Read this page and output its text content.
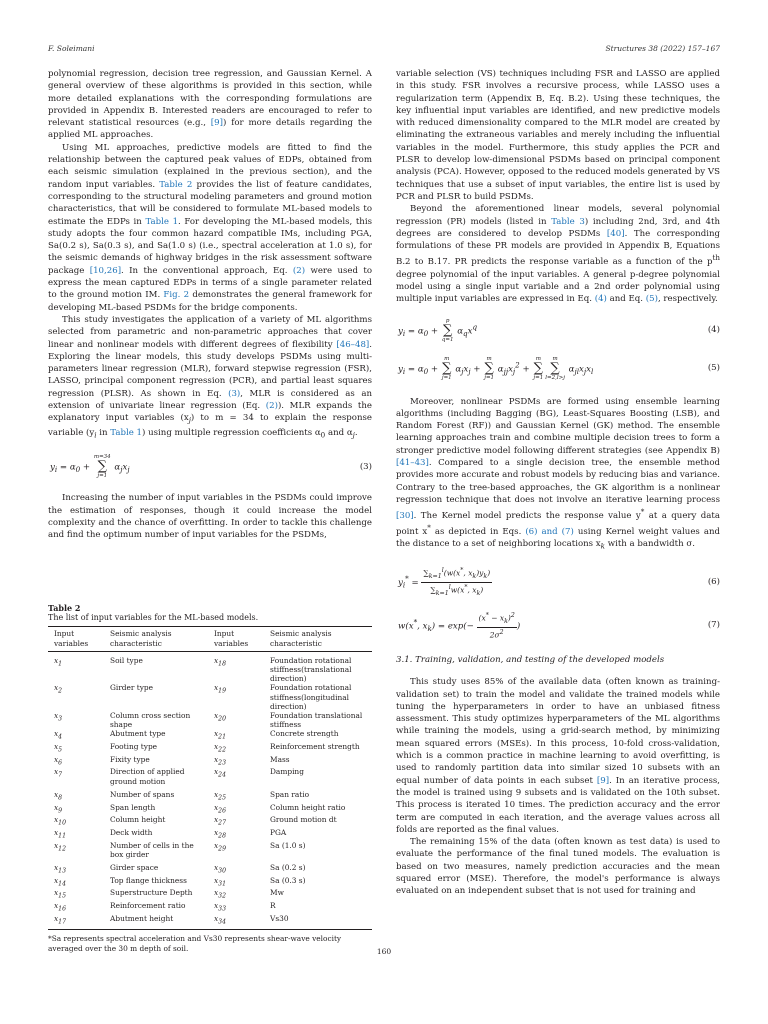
F. Soleimani	Structures 38 (2022) 157–167

polynomial regression, decision tree regression, and Gaussian Kernel. A general overview of these algorithms is provided in this section, while more detailed explanations with the corresponding formulations are provided in Appendix B. Interested readers are encouraged to refer to relevant statistical resources (e.g., [9]) for more details regarding the applied ML approaches.

Using ML approaches, predictive models are fitted to find the relationship between the captured peak values of EDPs, obtained from each seismic simulation (explained in the previous section), and the random input variables. Table 2 provides the list of feature candidates, corresponding to the structural modeling parameters and ground motion characteristics, that will be considered to formulate ML-based models to estimate the EDPs in Table 1. For developing the ML-based models, this study adopts the four common hazard compatible IMs, including PGA, Sa(0.2 s), Sa(0.3 s), and Sa(1.0 s) (i.e., spectral acceleration at 1.0 s), for the seismic demands of highway bridges in the risk assessment software package [10,26]. In the conventional approach, Eq. (2) were used to express the mean captured EDPs in terms of a single parameter related to the ground motion IM. Fig. 2 demonstrates the general framework for developing ML-based PSDMs for the bridge components.

This study investigates the application of a variety of ML algorithms selected from parametric and non-parametric approaches that cover linear and nonlinear models with different degrees of flexibility [46–48]. Exploring the linear models, this study develops PSDMs using multi-parameters linear regression (MLR), forward stepwise regression (FSR), LASSO, principal component regression (PCR), and partial least squares regression (PLSR). As shown in Eq. (3), MLR is considered as an extension of univariate linear regression (Eq. (2)). MLR expands the explanatory input variables $(x_j)$ to m = 34 to explain the response variable ($y_i$ in Table 1) using multiple regression coefficients $\alpha_0$ and $\alpha_j$.

$y_i = \alpha_0$ +
m=34
∑
j=1
$\alpha_jx_j$	(3)

Increasing the number of input variables in the PSDMs could improve the estimation of responses, though it could increase the model complexity and the chance of overfitting. In order to tackle this challenge and find the optimum number of input variables for the PSDMs,

Table 2
The list of input variables for the ML-based models.
Input variables	Seismic analysis characteristic	Input variables	Seismic analysis characteristic
$x_1$	Soil type	$x_{18}$	Foundation rotational stiffness(translational direction)
$x_2$	Girder type	$x_{19}$	Foundation rotational stiffness(longitudinal direction)
$x_3$	Column cross section shape	$x_{20}$	Foundation translational stiffness
$x_4$	Abutment type	$x_{21}$	Concrete strength
$x_5$	Footing type	$x_{22}$	Reinforcement strength
$x_6$	Fixity type	$x_{23}$	Mass
$x_7$	Direction of applied ground motion	$x_{24}$	Damping
$x_8$	Number of spans	$x_{25}$	Span ratio
$x_9$	Span length	$x_{26}$	Column height ratio
$x_{10}$	Column height	$x_{27}$	Ground motion dt
$x_{11}$	Deck width	$x_{28}$	PGA
$x_{12}$	Number of cells in the box girder	$x_{29}$	Sa (1.0 s)
$x_{13}$	Girder space	$x_{30}$	Sa (0.2 s)
$x_{14}$	Top flange thickness	$x_{31}$	Sa (0.3 s)
$x_{15}$	Superstructure Depth	$x_{32}$	Mw
$x_{16}$	Reinforcement ratio	$x_{33}$	R
$x_{17}$	Abutment height	$x_{34}$	Vs30
*Sa represents spectral acceleration and Vs30 represents shear-wave velocity averaged over the 30 m depth of soil.

variable selection (VS) techniques including FSR and LASSO are applied in this study. FSR involves a recursive process, while LASSO uses a regularization term (Appendix B, Eq. B.2). Using these techniques, the key influential input variables are identified, and new predictive models with reduced dimensionality compared to the MLR model are created by eliminating the extraneous variables and merely including the influential variables in the model. Furthermore, this study applies the PCR and PLSR to develop low-dimensional PSDMs based on principal component analysis (PCA). However, opposed to the reduced models generated by VS techniques that use a subset of input variables, the entire list is used by PCR and PLSR to build PSDMs.

Beyond the aforementioned linear models, several polynomial regression (PR) models (listed in Table 3) including 2nd, 3rd, and 4th degrees are considered to develop PSDMs [40]. The corresponding formulations of these PR models are provided in Appendix B, Equations B.2 to B.17. PR predicts the response variable as a function of the $p^{th}$ degree polynomial of the input variables. A general p-degree polynomial model using a single input variable and a 2nd order polynomial using multiple input variables are expressed in Eq. (4) and Eq. (5), respectively.

$y_i = \alpha_0$ +
p
∑
q=1
$\alpha_qx^q$	(4)
$y_i = \alpha_0$ +
m
∑
j=1
$\alpha_jx_j$ +
m
∑
j=1
$\alpha_{jj}x_j^2$ +
m
∑
j=1
m
∑
l=2,l>j
$\alpha_{jl}x_jx_l$	(5)

Moreover, nonlinear PSDMs are formed using ensemble learning algorithms (including Bagging (BG), Least-Squares Boosting (LSB), and Random Forest (RF)) and Gaussian Kernel (GK) method. The ensemble learning approaches train and combine multiple decision trees to form a stronger predictive model following different strategies (see Appendix B) [41–43]. Compared to a single decision tree, the ensemble method provides more accurate and robust models by reducing bias and variance. Contrary to the tree-based approaches, the GK algorithm is a nonlinear regression technique that does not involve an iterative learning process [30]. The Kernel model predicts the response value y* at a query data point x* as depicted in Eqs. (6) and (7) using Kernel weight values and the distance to a set of neighboring locations $x_k$ with a bandwidth σ.

$y_i^* = \frac{\sum_{k=1}^l(w(x^*, x_k)y_k)}{\sum_{k=1}^lw(x^*, x_k)}$	(6)
w(x*, $x_k) = \exp(- \frac{(x^* - x_k)^2}{2\sigma^2}$ )	(7)
3.1. Training, validation, and testing of the developed models

This study uses 85% of the available data (often known as training-validation set) to train the model and validate the trained models while tuning the hyperparameters in order to have an unbiased fitness assessment. This study optimizes hyperparameters of the ML algorithms while training the models, using a grid-search method, by minimizing mean squared errors (MSEs). In this process, 10-fold cross-validation, which is a common practice in machine learning to avoid overfitting, is used to randomly partition data into similar sized 10 subsets with an equal number of data points in each subset [9]. In an iterative process, the model is trained using 9 subsets and is validated on the 10th subset. This process is iterated 10 times. The prediction accuracy and the error term are computed in each iteration, and the average values across all folds are reported as the final values.

The remaining 15% of the data (often known as test data) is used to evaluate the performance of the final tuned models. The evaluation is based on two measures, namely prediction accuracies and the mean squared error (MSE). Therefore, the model's performance is always evaluated on an independent subset that is not used for training and

160
